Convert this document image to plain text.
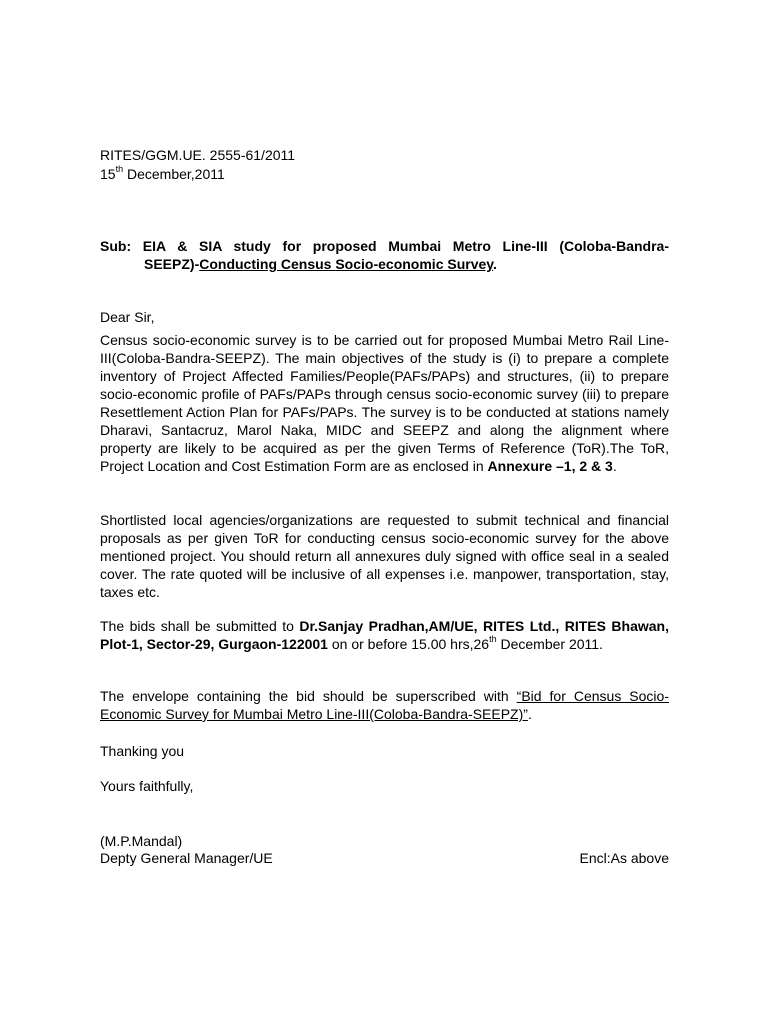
RITES/GGM.UE. 2555-61/2011
15th December,2011
Sub: EIA & SIA study for proposed Mumbai Metro Line-III (Coloba-Bandra-
SEEPZ)-Conducting Census Socio-economic Survey.
Dear Sir,
Census socio-economic survey is to be carried out for proposed Mumbai Metro Rail Line-III(Coloba-Bandra-SEEPZ). The main objectives of the study is (i) to prepare a complete inventory of Project Affected Families/People(PAFs/PAPs) and structures, (ii) to prepare socio-economic profile of PAFs/PAPs through census socio-economic survey (iii) to prepare Resettlement Action Plan for PAFs/PAPs. The survey is to be conducted at stations namely Dharavi, Santacruz, Marol Naka, MIDC and SEEPZ and along the alignment where property are likely to be acquired as per the given Terms of Reference (ToR).The ToR, Project Location and Cost Estimation Form are as enclosed in Annexure –1, 2 & 3.
Shortlisted local agencies/organizations are requested to submit technical and financial proposals as per given ToR for conducting census socio-economic survey for the above mentioned project. You should return all annexures duly signed with office seal in a sealed cover. The rate quoted will be inclusive of all expenses i.e. manpower, transportation, stay, taxes etc.
The bids shall be submitted to Dr.Sanjay Pradhan,AM/UE, RITES Ltd., RITES Bhawan, Plot-1, Sector-29, Gurgaon-122001 on or before 15.00 hrs,26th December 2011.
The envelope containing the bid should be superscribed with “Bid for Census Socio-Economic Survey for Mumbai Metro Line-III(Coloba-Bandra-SEEPZ)”.
Thanking you
Yours faithfully,
(M.P.Mandal)
Depty General Manager/UE	Encl:As above
